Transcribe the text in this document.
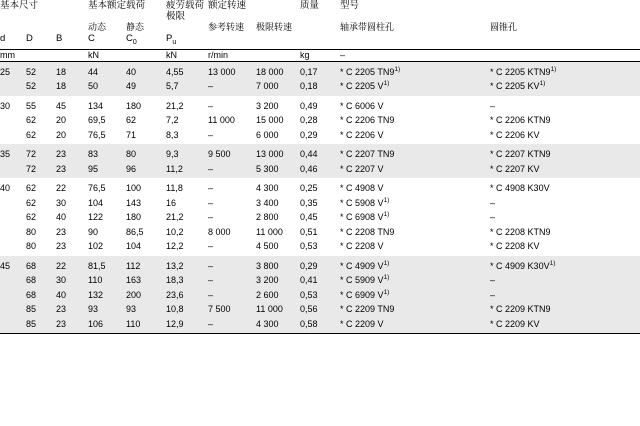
基本尺寸			基本额定载荷		疲劳载荷极限	额定转速		质量	型号	
			动态	静态		参考转速	极限转速		轴承带圆柱孔	圆锥孔
d	D	B	C	$C_0$	$P_u$					
mm			kN		kN	r/min		kg	–	
25	52	18	44	40	4,55	13 000	18 000	0,17	* C 2205 TN9$^{1)}$	* C 2205 KTN9$^{1)}$
	52	18	50	49	5,7	–	7 000	0,18	* C 2205 $V^{1)}$	* C 2205 KV$^{1)}$
30	55	45	134	180	21,2	–	3 200	0,49	* C 6006 V	–
	62	20	69,5	62	7,2	11 000	15 000	0,28	* C 2206 TN9	* C 2206 KTN9
	62	20	76,5	71	8,3	–	6 000	0,29	* C 2206 V	* C 2206 KV
35	72	23	83	80	9,3	9 500	13 000	0,44	* C 2207 TN9	* C 2207 KTN9
	72	23	95	96	11,2	–	5 300	0,46	* C 2207 V	* C 2207 KV
40	62	22	76,5	100	11,8	–	4 300	0,25	* C 4908 V	* C 4908 K30V
	62	30	104	143	16	–	3 400	0,35	* C 5908 $V^{1)}$	–
	62	40	122	180	21,2	–	2 800	0,45	* C 6908 $V^{1)}$	–
	80	23	90	86,5	10,2	8 000	11 000	0,51	* C 2208 TN9	* C 2208 KTN9
	80	23	102	104	12,2	–	4 500	0,53	* C 2208 V	* C 2208 KV
45	68	22	81,5	112	13,2	–	3 800	0,29	* C 4909 $V^{1)}$	* C 4909 $K30V^{1)}$
	68	30	110	163	18,3	–	3 200	0,41	* C 5909 $V^{1)}$	–
	68	40	132	200	23,6	–	2 600	0,53	* C 6909 $V^{1)}$	–
	85	23	93	93	10,8	7 500	11 000	0,56	* C 2209 TN9	* C 2209 KTN9
	85	23	106	110	12,9	–	4 300	0,58	* C 2209 V	* C 2209 KV
